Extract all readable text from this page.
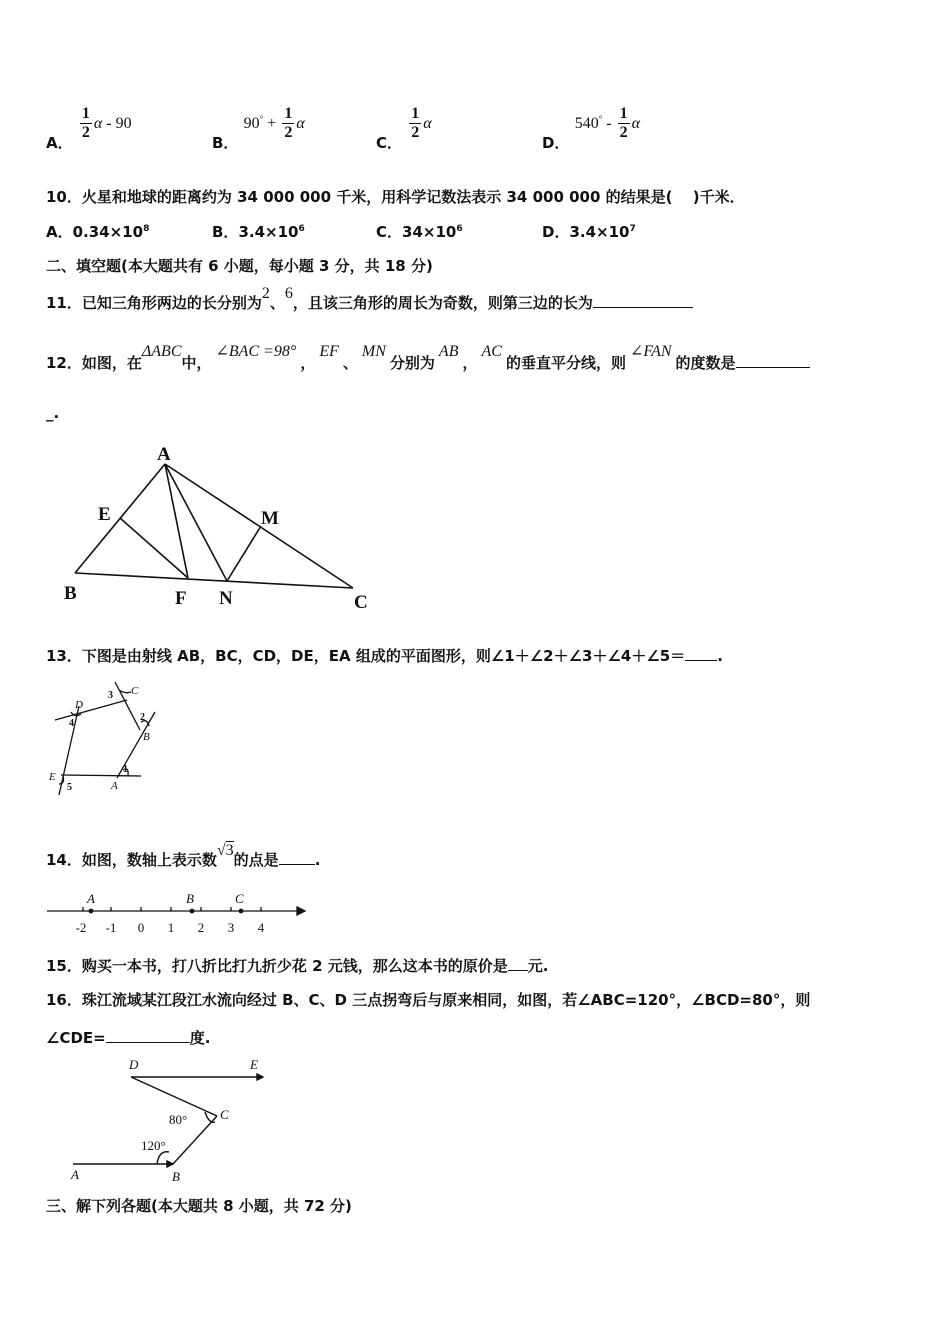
A．
$\frac{1}{2}$ α - 90
B． $90^\circ + \frac{1}{2}$ α
C．
$\frac{1}{2}$ α
D． $540^\circ - \frac{1}{2}$ α
10．火星和地球的距离约为 34 000 000 千米，用科学记数法表示 34 000 000 的结果是(　 )千米．
A．$0.34\times 10^8$	B．$3.4\times 10^6$	C．$34\times 10^6$	D．$3.4\times 10^7$
二、填空题(本大题共有 6 小题，每小题 3 分，共 18 分)
11．已知三角形两边的长分别为2、6，且该三角形的周长为奇数，则第三边的长为
12．如图，在ΔABC中，∠BAC =98°，EF、MN分别为AB，AC的垂直平分线，则∠FAN的度数是
_.
A
E	M
B	F N	C
13．下图是由射线 AB，BC，CD，DE，EA 组成的平面图形，则∠1＋∠2＋∠3＋∠4＋∠5＝ .
C
D
B
A
E
1
2
3
4
5
14．如图，数轴上表示数√3的点是 .
A	B	C
-2 -1 0 1 2 3 4
15．购买一本书，打八折比打九折少花 2 元钱，那么这本书的原价是 元.
16．珠江流域某江段江水流向经过 B、C、D 三点拐弯后与原来相同，如图，若∠ABC=120°，∠BCD=80°，则
∠CDE=	度.
D	E
C
A	B
80°
120°
三、解下列各题(本大题共 8 小题，共 72 分)
